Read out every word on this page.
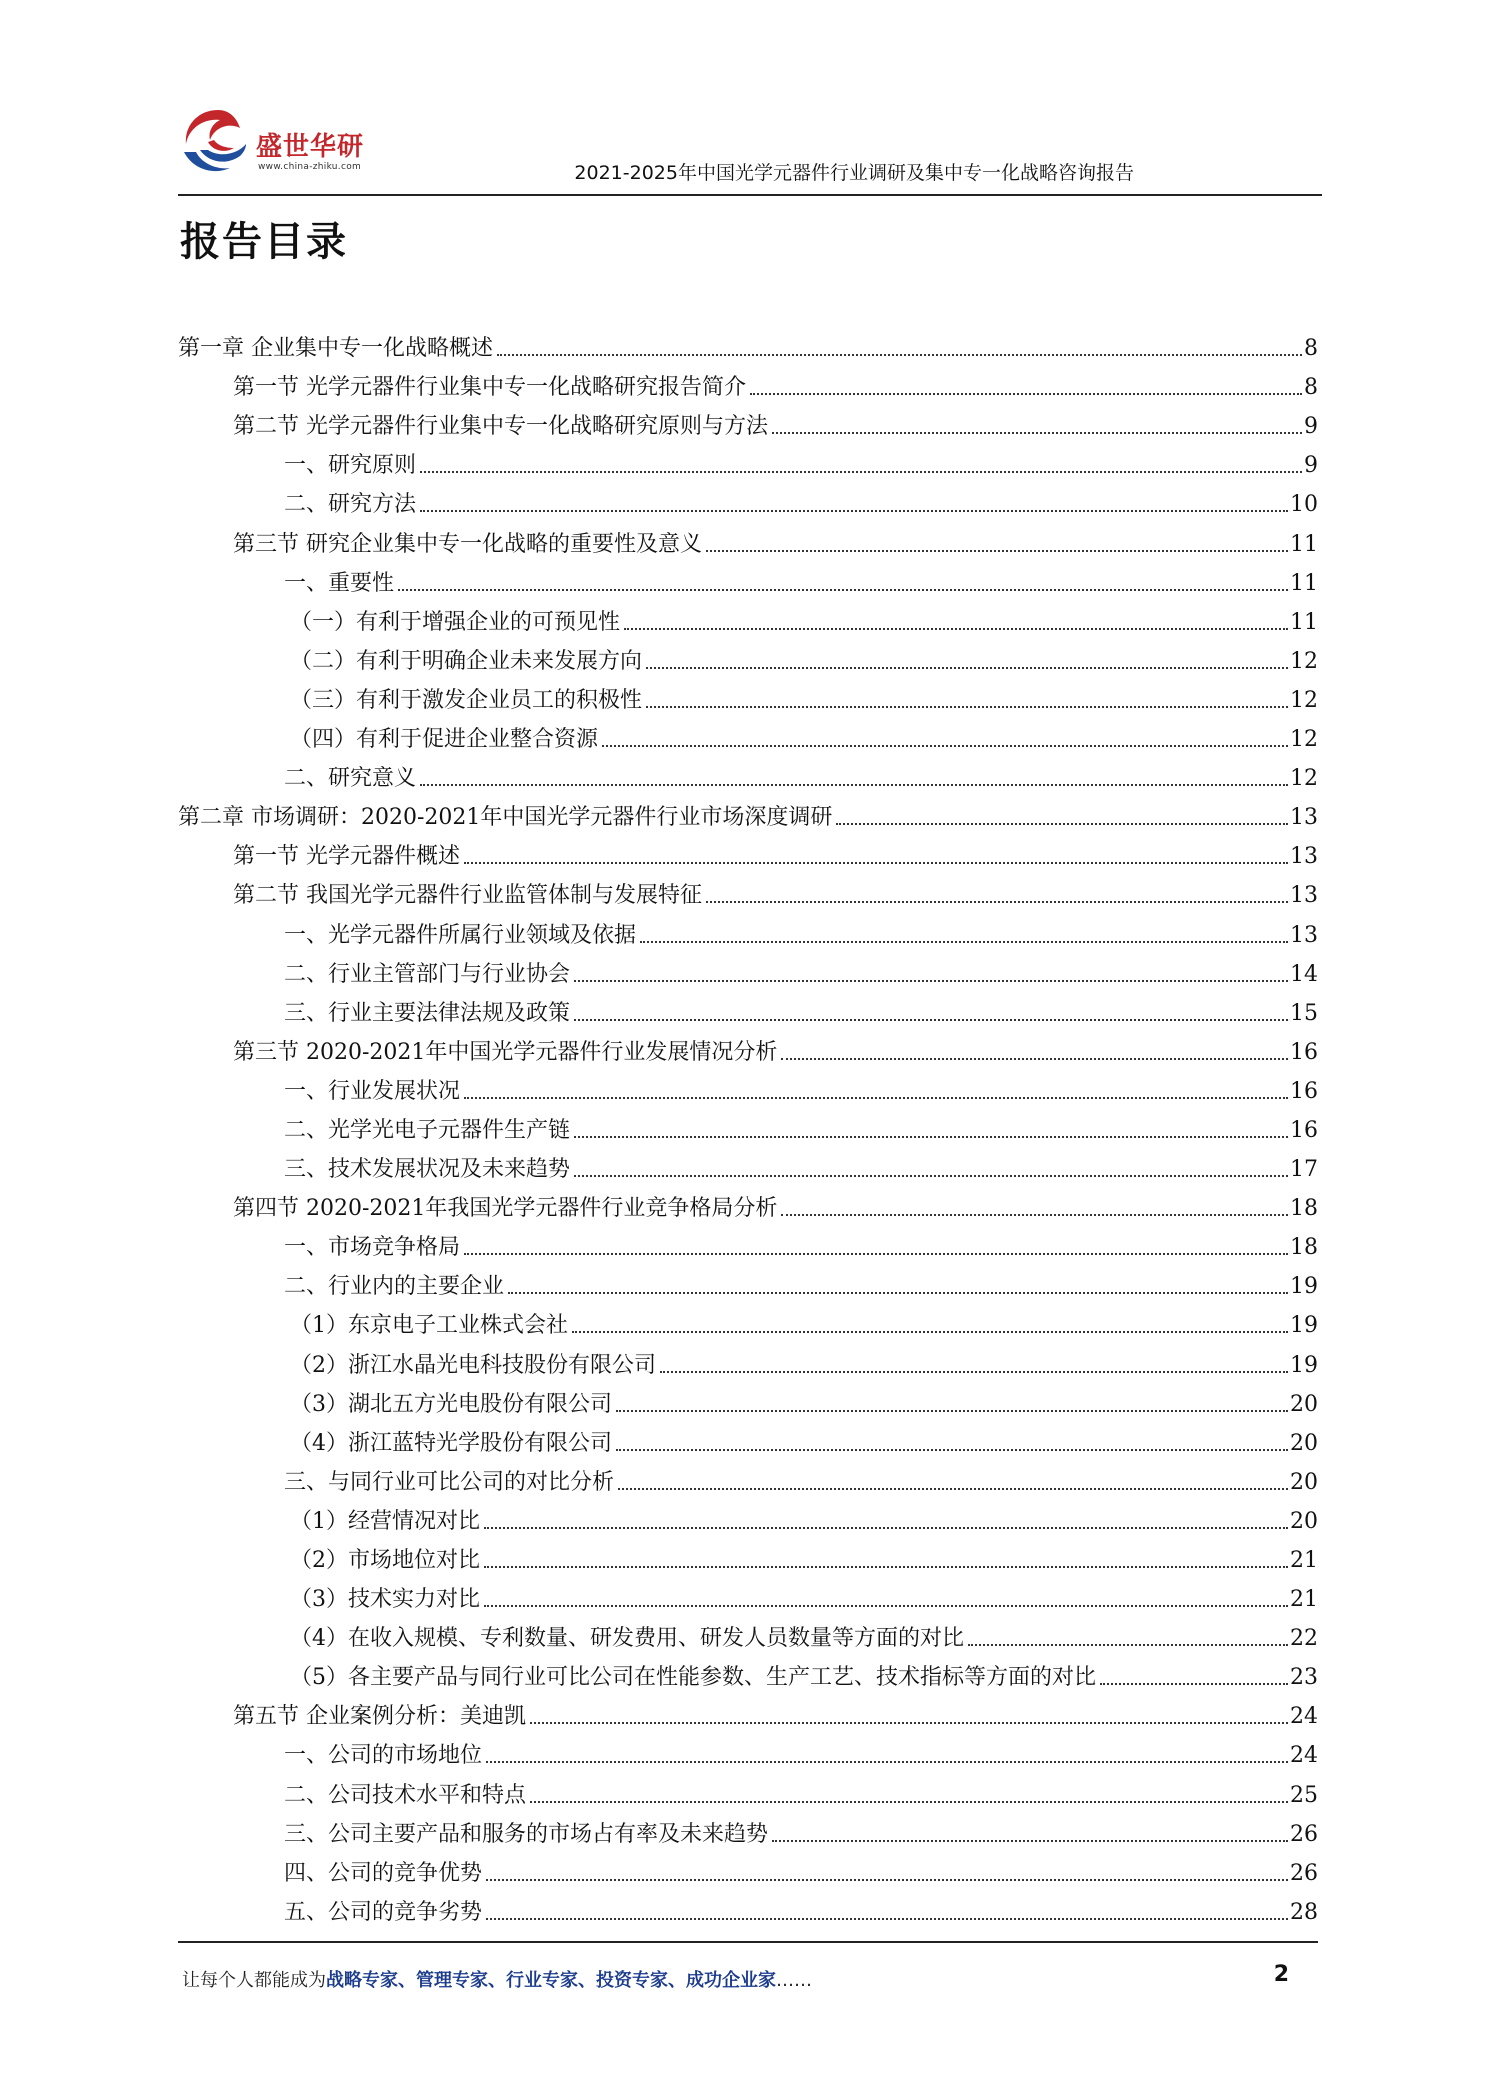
盛世华研
www.china-zhiku.com	2021-2025年中国光学元器件行业调研及集中专一化战略咨询报告
报告目录
第一章 企业集中专一化战略概述	8
第一节 光学元器件行业集中专一化战略研究报告简介	8
第二节 光学元器件行业集中专一化战略研究原则与方法	9
一、研究原则	9
二、研究方法	10
第三节 研究企业集中专一化战略的重要性及意义	11
一、重要性	11
（一）有利于增强企业的可预见性	11
（二）有利于明确企业未来发展方向	12
（三）有利于激发企业员工的积极性	12
（四）有利于促进企业整合资源	12
二、研究意义	12
第二章 市场调研：2020-2021年中国光学元器件行业市场深度调研	13
第一节 光学元器件概述	13
第二节 我国光学元器件行业监管体制与发展特征	13
一、光学元器件所属行业领域及依据	13
二、行业主管部门与行业协会	14
三、行业主要法律法规及政策	15
第三节 2020-2021年中国光学元器件行业发展情况分析	16
一、行业发展状况	16
二、光学光电子元器件生产链	16
三、技术发展状况及未来趋势	17
第四节 2020-2021年我国光学元器件行业竞争格局分析	18
一、市场竞争格局	18
二、行业内的主要企业	19
（1）东京电子工业株式会社	19
（2）浙江水晶光电科技股份有限公司	19
（3）湖北五方光电股份有限公司	20
（4）浙江蓝特光学股份有限公司	20
三、与同行业可比公司的对比分析	20
（1）经营情况对比	20
（2）市场地位对比	21
（3）技术实力对比	21
（4）在收入规模、专利数量、研发费用、研发人员数量等方面的对比	22
（5）各主要产品与同行业可比公司在性能参数、生产工艺、技术指标等方面的对比	23
第五节 企业案例分析：美迪凯	24
一、公司的市场地位	24
二、公司技术水平和特点	25
三、公司主要产品和服务的市场占有率及未来趋势	26
四、公司的竞争优势	26
五、公司的竞争劣势	28
让每个人都能成为战略专家、管理专家、行业专家、投资专家、成功企业家……	2
